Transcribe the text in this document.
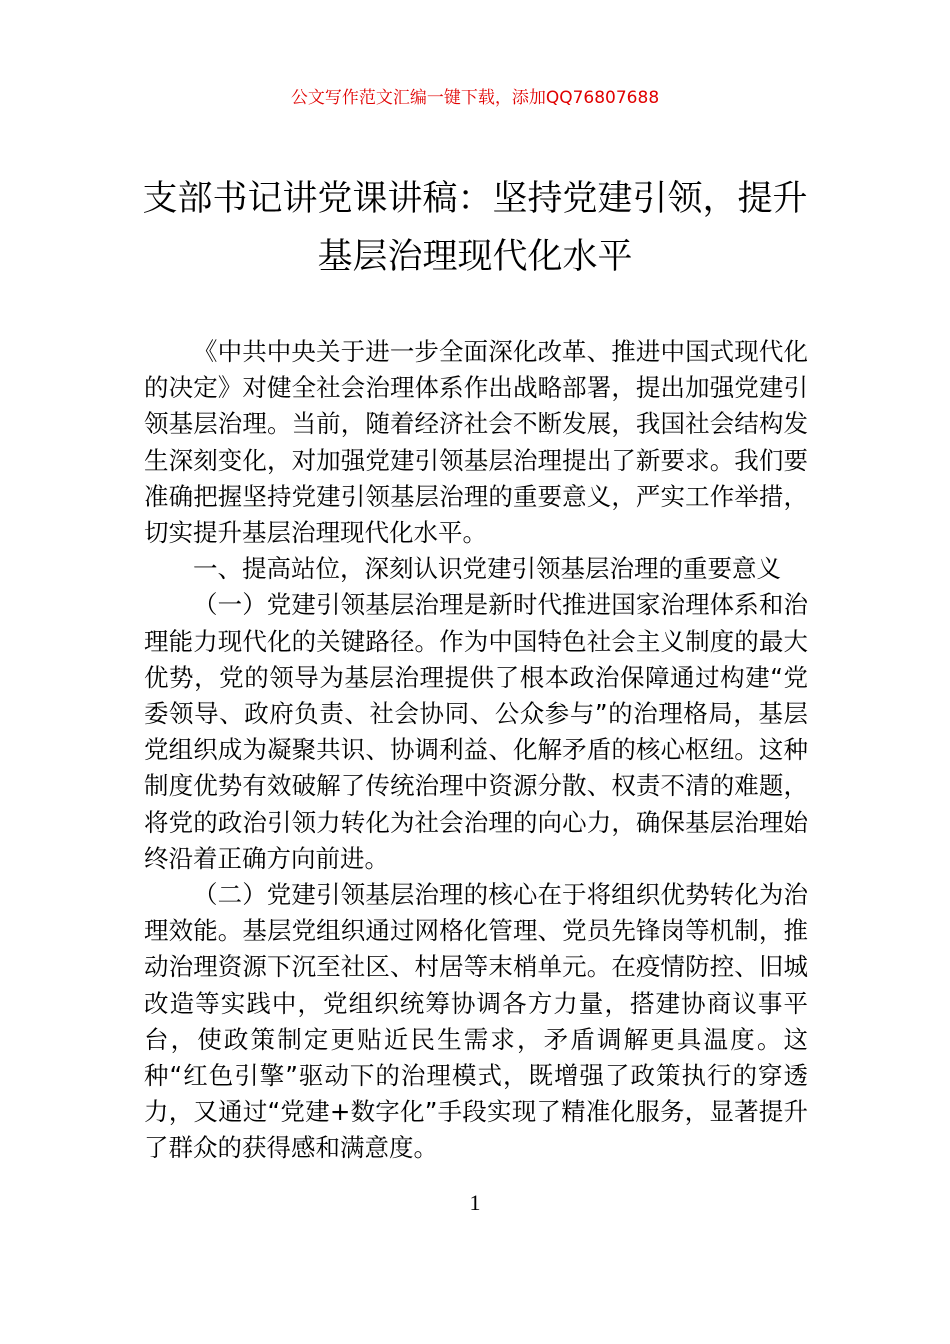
公文写作范文汇编一键下载，添加QQ76807688
支部书记讲党课讲稿：坚持党建引领，提升基层治理现代化水平

《中共中央关于进一步全面深化改革、推进中国式现代化的决定》对健全社会治理体系作出战略部署，提出加强党建引领基层治理。当前，随着经济社会不断发展，我国社会结构发生深刻变化，对加强党建引领基层治理提出了新要求。我们要准确把握坚持党建引领基层治理的重要意义，严实工作举措，切实提升基层治理现代化水平。

一、提高站位，深刻认识党建引领基层治理的重要意义

（一）党建引领基层治理是新时代推进国家治理体系和治理能力现代化的关键路径。作为中国特色社会主义制度的最大优势，党的领导为基层治理提供了根本政治保障通过构建“党委领导、政府负责、社会协同、公众参与”的治理格局，基层党组织成为凝聚共识、协调利益、化解矛盾的核心枢纽。这种制度优势有效破解了传统治理中资源分散、权责不清的难题，将党的政治引领力转化为社会治理的向心力，确保基层治理始终沿着正确方向前进。

（二）党建引领基层治理的核心在于将组织优势转化为治理效能。基层党组织通过网格化管理、党员先锋岗等机制，推动治理资源下沉至社区、村居等末梢单元。在疫情防控、旧城改造等实践中，党组织统筹协调各方力量，搭建协商议事平台，使政策制定更贴近民生需求，矛盾调解更具温度。这种“红色引擎”驱动下的治理模式，既增强了政策执行的穿透力，又通过“党建+数字化”手段实现了精准化服务，显著提升了群众的获得感和满意度。

1
